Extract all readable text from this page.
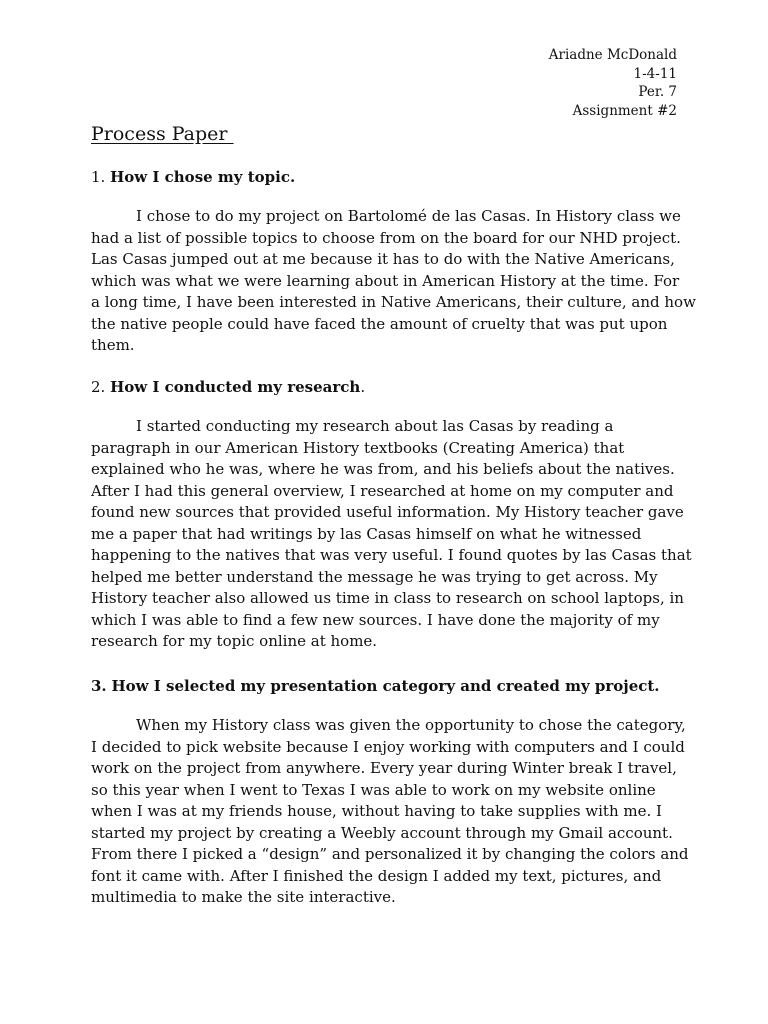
Ariadne McDonald
1-4-11
Per. 7
Assignment #2
Process Paper
1. How I chose my topic.
I chose to do my project on Bartolomé de las Casas. In History class we
had a list of possible topics to choose from on the board for our NHD project.
Las Casas jumped out at me because it has to do with the Native Americans,
which was what we were learning about in American History at the time. For
a long time, I have been interested in Native Americans, their culture, and how
the native people could have faced the amount of cruelty that was put upon
them.
2. How I conducted my research.
I started conducting my research about las Casas by reading a
paragraph in our American History textbooks (Creating America) that
explained who he was, where he was from, and his beliefs about the natives.
After I had this general overview, I researched at home on my computer and
found new sources that provided useful information. My History teacher gave
me a paper that had writings by las Casas himself on what he witnessed
happening to the natives that was very useful. I found quotes by las Casas that
helped me better understand the message he was trying to get across. My
History teacher also allowed us time in class to research on school laptops, in
which I was able to find a few new sources. I have done the majority of my
research for my topic online at home.
3. How I selected my presentation category and created my project.
When my History class was given the opportunity to chose the category,
I decided to pick website because I enjoy working with computers and I could
work on the project from anywhere. Every year during Winter break I travel,
so this year when I went to Texas I was able to work on my website online
when I was at my friends house, without having to take supplies with me. I
started my project by creating a Weebly account through my Gmail account.
From there I picked a “design” and personalized it by changing the colors and
font it came with. After I finished the design I added my text, pictures, and
multimedia to make the site interactive.
